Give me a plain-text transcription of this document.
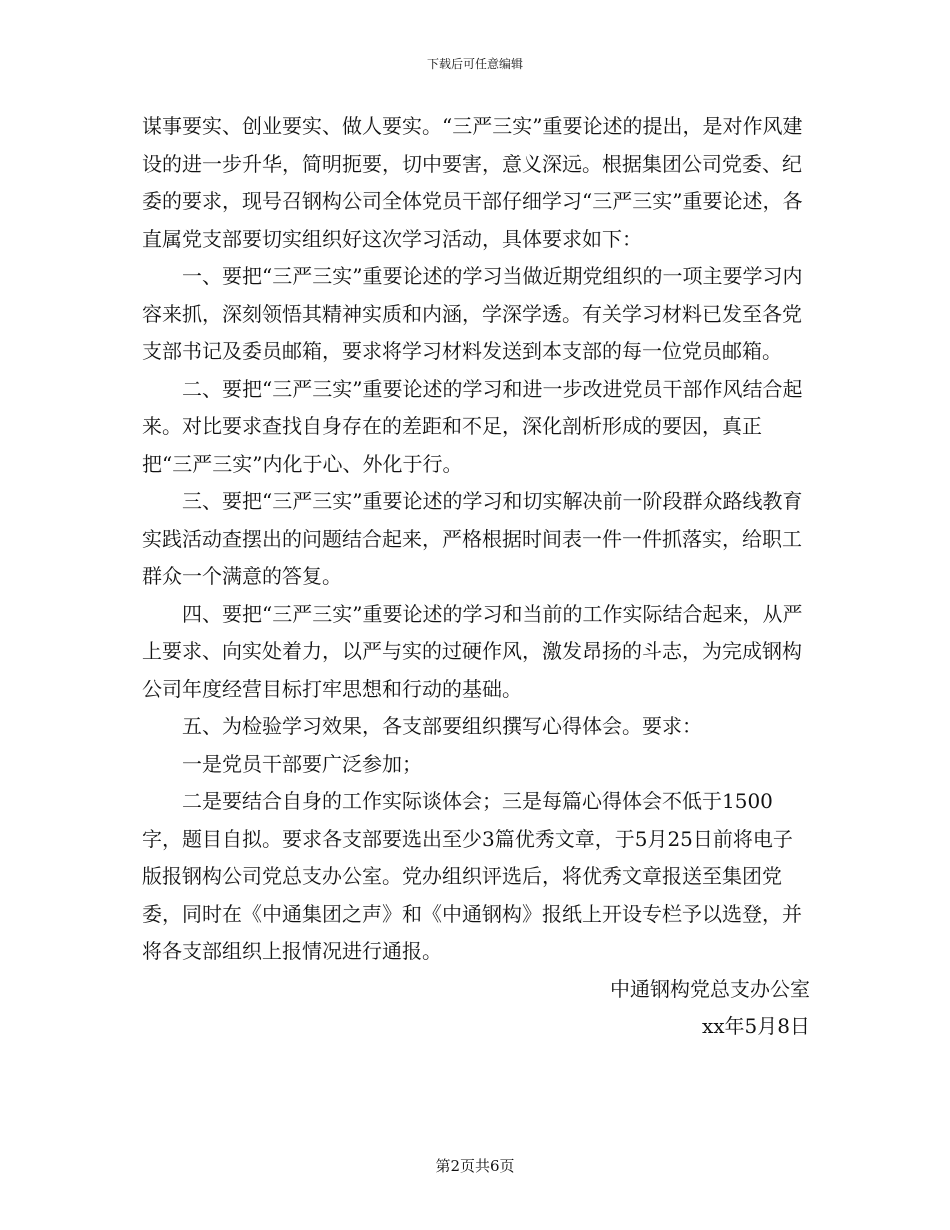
下载后可任意编辑

谋事要实、创业要实、做人要实。“三严三实”重要论述的提出，是对作风建设的进一步升华，简明扼要，切中要害，意义深远。根据集团公司党委、纪委的要求，现号召钢构公司全体党员干部仔细学习“三严三实”重要论述，各直属党支部要切实组织好这次学习活动，具体要求如下：

一、要把“三严三实”重要论述的学习当做近期党组织的一项主要学习内容来抓，深刻领悟其精神实质和内涵，学深学透。有关学习材料已发至各党支部书记及委员邮箱，要求将学习材料发送到本支部的每一位党员邮箱。

二、要把“三严三实”重要论述的学习和进一步改进党员干部作风结合起来。对比要求查找自身存在的差距和不足，深化剖析形成的要因，真正把“三严三实”内化于心、外化于行。

三、要把“三严三实”重要论述的学习和切实解决前一阶段群众路线教育实践活动查摆出的问题结合起来，严格根据时间表一件一件抓落实，给职工群众一个满意的答复。

四、要把“三严三实”重要论述的学习和当前的工作实际结合起来，从严上要求、向实处着力，以严与实的过硬作风，激发昂扬的斗志，为完成钢构公司年度经营目标打牢思想和行动的基础。

五、为检验学习效果，各支部要组织撰写心得体会。要求：

一是党员干部要广泛参加；

二是要结合自身的工作实际谈体会；三是每篇心得体会不低于1500字，题目自拟。要求各支部要选出至少3篇优秀文章，于5月25日前将电子版报钢构公司党总支办公室。党办组织评选后，将优秀文章报送至集团党委，同时在《中通集团之声》和《中通钢构》报纸上开设专栏予以选登，并将各支部组织上报情况进行通报。

中通钢构党总支办公室

xx年5月8日

第2页共6页
